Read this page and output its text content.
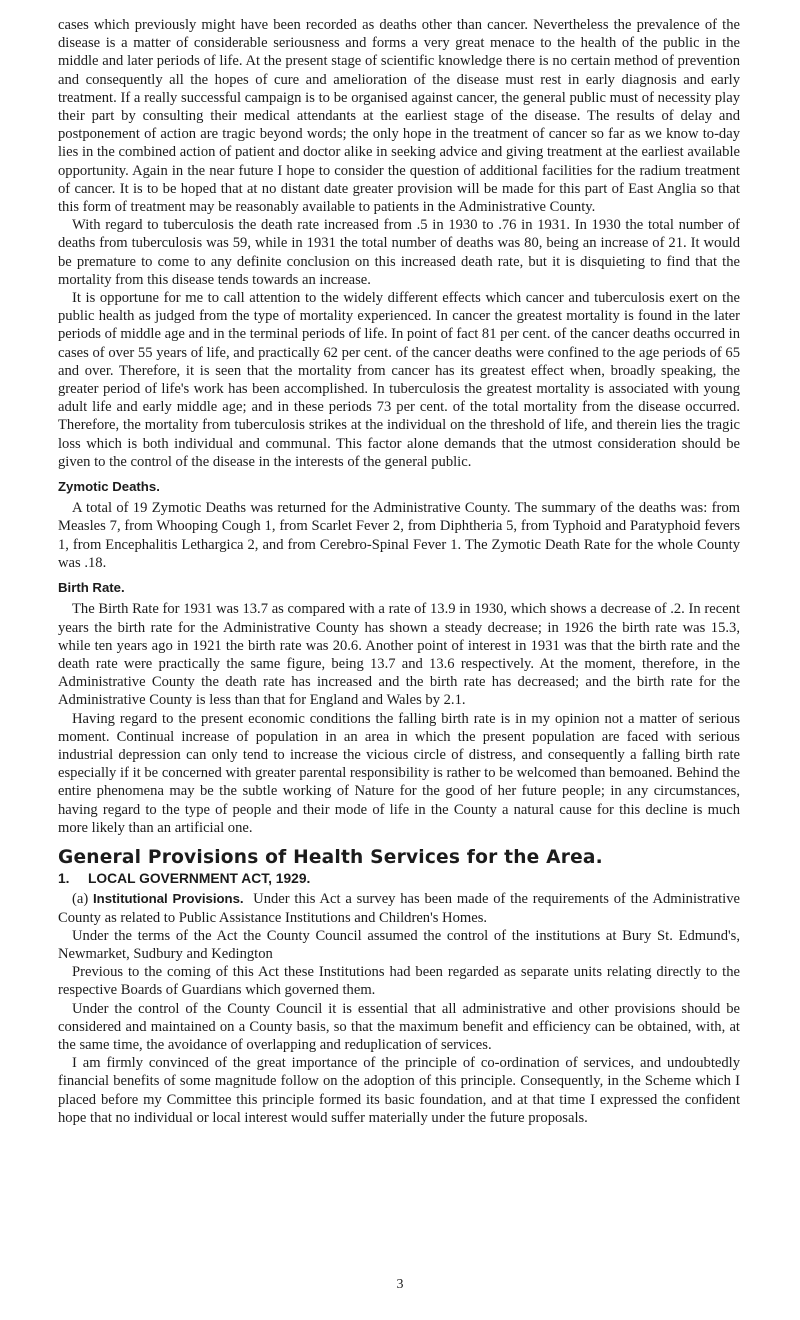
cases which previously might have been recorded as deaths other than cancer. Nevertheless the prevalence of the disease is a matter of considerable seriousness and forms a very great menace to the health of the public in the middle and later periods of life. At the present stage of scientific knowledge there is no certain method of prevention and consequently all the hopes of cure and amelioration of the disease must rest in early diagnosis and early treatment. If a really successful campaign is to be organised against cancer, the general public must of necessity play their part by consulting their medical attendants at the earliest stage of the disease. The results of delay and postponement of action are tragic beyond words; the only hope in the treatment of cancer so far as we know to-day lies in the combined action of patient and doctor alike in seeking advice and giving treatment at the earliest available opportunity. Again in the near future I hope to consider the question of additional facilities for the radium treatment of cancer. It is to be hoped that at no distant date greater provision will be made for this part of East Anglia so that this form of treatment may be reasonably available to patients in the Administrative County.

With regard to tuberculosis the death rate increased from .5 in 1930 to .76 in 1931. In 1930 the total number of deaths from tuberculosis was 59, while in 1931 the total number of deaths was 80, being an increase of 21. It would be premature to come to any definite conclusion on this increased death rate, but it is disquieting to find that the mortality from this disease tends towards an increase.

It is opportune for me to call attention to the widely different effects which cancer and tuberculosis exert on the public health as judged from the type of mortality experienced. In cancer the greatest mortality is found in the later periods of middle age and in the terminal periods of life. In point of fact 81 per cent. of the cancer deaths occurred in cases of over 55 years of life, and practically 62 per cent. of the cancer deaths were confined to the age periods of 65 and over. Therefore, it is seen that the mortality from cancer has its greatest effect when, broadly speaking, the greater period of life's work has been accomplished. In tuberculosis the greatest mortality is associated with young adult life and early middle age; and in these periods 73 per cent. of the total mortality from the disease occurred. Therefore, the mortality from tuberculosis strikes at the individual on the threshold of life, and therein lies the tragic loss which is both individual and communal. This factor alone demands that the utmost consideration should be given to the control of the disease in the interests of the general public.

Zymotic Deaths.

A total of 19 Zymotic Deaths was returned for the Administrative County. The summary of the deaths was: from Measles 7, from Whooping Cough 1, from Scarlet Fever 2, from Diphtheria 5, from Typhoid and Paratyphoid fevers 1, from Encephalitis Lethargica 2, and from Cerebro-Spinal Fever 1. The Zymotic Death Rate for the whole County was .18.

Birth Rate.

The Birth Rate for 1931 was 13.7 as compared with a rate of 13.9 in 1930, which shows a decrease of .2. In recent years the birth rate for the Administrative County has shown a steady decrease; in 1926 the birth rate was 15.3, while ten years ago in 1921 the birth rate was 20.6. Another point of interest in 1931 was that the birth rate and the death rate were practically the same figure, being 13.7 and 13.6 respectively. At the moment, therefore, in the Administrative County the death rate has increased and the birth rate has decreased; and the birth rate for the Administrative County is less than that for England and Wales by 2.1.

Having regard to the present economic conditions the falling birth rate is in my opinion not a matter of serious moment. Continual increase of population in an area in which the present population are faced with serious industrial depression can only tend to increase the vicious circle of distress, and consequently a falling birth rate especially if it be concerned with greater parental responsibility is rather to be welcomed than bemoaned. Behind the entire phenomena may be the subtle working of Nature for the good of her future people; in any circumstances, having regard to the type of people and their mode of life in the County a natural cause for this decline is much more likely than an artificial one.

General Provisions of Health Services for the Area.
1. LOCAL GOVERNMENT ACT, 1929.

(a) Institutional Provisions. Under this Act a survey has been made of the requirements of the Administrative County as related to Public Assistance Institutions and Children's Homes.

Under the terms of the Act the County Council assumed the control of the institutions at Bury St. Edmund's, Newmarket, Sudbury and Kedington

Previous to the coming of this Act these Institutions had been regarded as separate units relating directly to the respective Boards of Guardians which governed them.

Under the control of the County Council it is essential that all administrative and other provisions should be considered and maintained on a County basis, so that the maximum benefit and efficiency can be obtained, with, at the same time, the avoidance of overlapping and reduplication of services.

I am firmly convinced of the great importance of the principle of co-ordination of services, and undoubtedly financial benefits of some magnitude follow on the adoption of this principle. Consequently, in the Scheme which I placed before my Committee this principle formed its basic foundation, and at that time I expressed the confident hope that no individual or local interest would suffer materially under the future proposals.

3
